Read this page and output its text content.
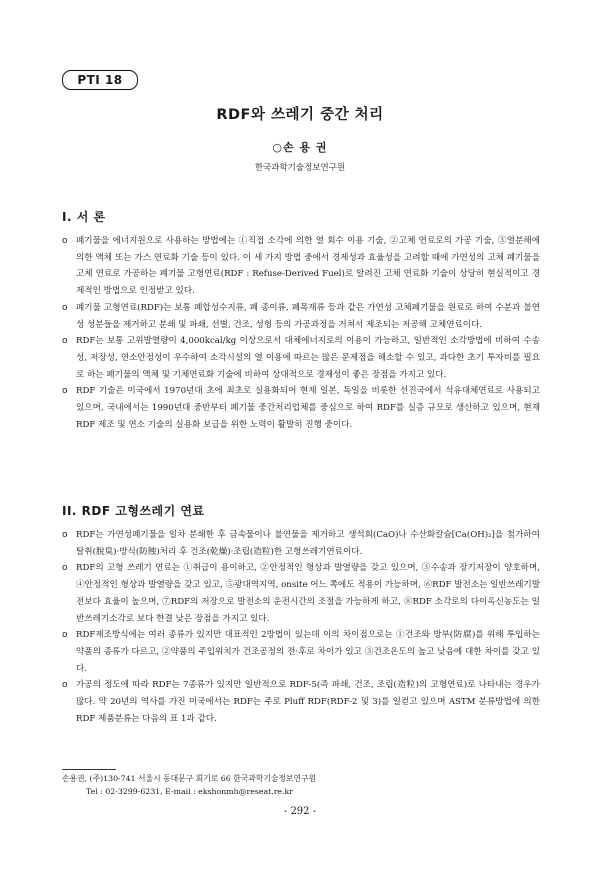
PTI 18
RDF와 쓰레기 중간 처리
○손 용 권
한국과학기술정보연구원
I. 서 론

o 폐기물을 에너지원으로 사용하는 방법에는 ①직접 소각에 의한 열 회수 이용 기술, ②고체 연료로의 가공 기술, ③열분해에 의한 액체 또는 가스 연료화 기술 등이 있다. 이 세 가지 방법 중에서 경제성과 효율성을 고려할 때에 가연성의 고체 폐기물을 고체 연료로 가공하는 폐기물 고형연료(RDF : Refuse-Derived Fuel)로 알려진 고체 연료화 기술이 상당히 현실적이고 경제적인 방법으로 인정받고 있다.

o 폐기물 고형연료(RDF)는 보통 폐합성수지류, 폐 종이류, 폐목재류 등과 같은 가연성 고체폐기물을 원료로 하여 수분과 불연성 성분들을 제거하고 분쇄 및 파쇄, 선별, 건조, 성형 등의 가공과정을 거쳐서 제조되는 저공해 고체연료이다.

o RDF는 보통 고위발열량이 4,000kcal/kg 이상으로서 대체에너지로의 이용이 가능하고, 일반적인 소각방법에 비하여 수송성, 저장성, 연소안정성이 우수하여 소각시설의 열 이용에 따르는 많은 문제점을 해소할 수 있고, 과다한 초기 투자비를 필요로 하는 폐기물의 액체 및 기체연료화 기술에 비하여 상대적으로 경제성이 좋은 장점을 가지고 있다.

o RDF 기술은 미국에서 1970년대 초에 최초로 실용화되어 현재 일본, 독일을 비롯한 선진국에서 석유대체연료로 사용되고 있으며, 국내에서는 1990년대 중반부터 폐기물 중간처리업체를 중심으로 하여 RDF를 실증 규모로 생산하고 있으며, 현재 RDF 제조 및 연소 기술의 실용화 보급을 위한 노력이 활발히 진행 중이다.

II. RDF 고형쓰레기 연료

o RDF는 가연성폐기물을 일차 분쇄한 후 금속물이나 불연물을 제거하고 생석회(CaO)나 수산화칼슘[Ca(OH)₂]을 첨가하여 탈취(脫臭)·방식(防蝕)처리 후 건조(乾燥)·조립(造粒)한 고형쓰레기연료이다.

o RDF의 고형 쓰레기 연료는 ①취급이 용이하고, ②안정적인 형상과 발열량을 갖고 있으며, ③수송과 장기저장이 양호하며, ④안정적인 형상과 발열량을 갖고 있고, ⑤광대역지역, onsite 어느 쪽에도 적용이 가능하며, ⑥RDF 발전소는 일반쓰레기발전보다 효율이 높으며, ⑦RDF의 저장으로 발전소의 운전시간의 조절을 가능하게 하고, ⑧RDF 소각로의 다이옥신농도는 일반쓰레기소각로 보다 한결 낮은 장점을 가지고 있다.

o RDF제조방식에는 여러 종류가 있지만 대표적인 2방법이 있는데 이의 차이점으로는 ①건조와 방부(防腐)를 위해 투입하는 약품의 종류가 다르고, ②약품의 주입위치가 건조공정의 전·후로 차이가 있고 ③건조온도의 높고 낮음에 대한 차이를 갖고 있다.

o 가공의 정도에 따라 RDF는 7종류가 있지만 일반적으로 RDF-5(즉 파쇄, 건조, 조립(造粒)의 고형연료)로 나타내는 경우가 많다. 약 20년의 역사를 가진 미국에서는 RDF는 주로 Pluff RDF(RDF-2 및 3)를 일컫고 있으며 ASTM 분류방법에 의한 RDF 제품분류는 다음의 표 1과 같다.

손용권, (주)130-741 서울시 동대문구 회기로 66 한국과학기술정보연구원
Tel : 02-3299-6231, E-mail : ekshonmh@reseat.re.kr
- 292 -
